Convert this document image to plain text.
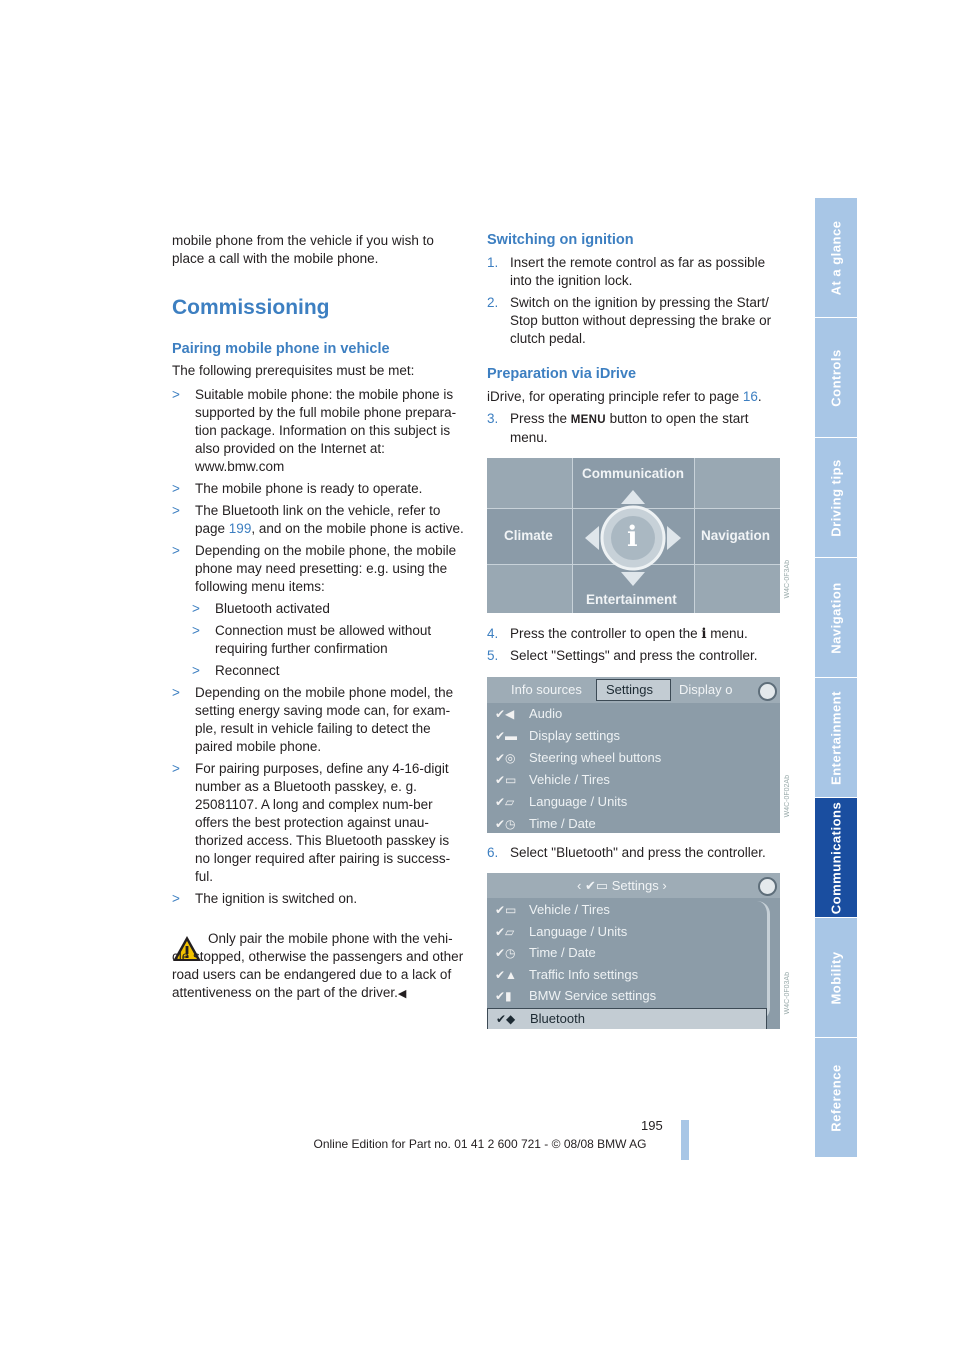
mobile phone from the vehicle if you wish to place a call with the mobile phone.

Commissioning
Pairing mobile phone in vehicle

The following prerequisites must be met:

> Suitable mobile phone: the mobile phone is supported by the full mobile phone prepara-tion package. Information on this subject is also provided on the Internet at: www.bmw.com
> The mobile phone is ready to operate.
> The Bluetooth link on the vehicle, refer to page 199, and on the mobile phone is active.
> Depending on the mobile phone, the mobile phone may need presetting: e.g. using the following menu items:
> Bluetooth activated
> Connection must be allowed without requiring further confirmation
> Reconnect
> Depending on the mobile phone model, the setting energy saving mode can, for exam-ple, result in vehicle failing to detect the paired mobile phone.
> For pairing purposes, define any 4-16-digit number as a Bluetooth passkey, e. g. 25081107. A long and complex num-ber offers the best protection against unau-thorized access. This Bluetooth passkey is no longer required after pairing is success-ful.
> The ignition is switched on.
Only pair the mobile phone with the vehi-cle stopped, otherwise the passengers and other road users can be endangered due to a lack of attentiveness on the part of the driver.◀
Switching on ignition
1. Insert the remote control as far as possible into the ignition lock.
2. Switch on the ignition by pressing the Start/ Stop button without depressing the brake or clutch pedal.
Preparation via iDrive

iDrive, for operating principle refer to page 16.

3. Press the MENU button to open the start menu.
Communication
Climate	Navigation
Entertainment
i
W4C-0F3Ab
4. Press the controller to open the i menu.
5. Select "Settings" and press the controller.
Info sources Settings Display o
✔◀ Audio
✔▬ Display settings
✔◎ Steering wheel buttons
✔▭ Vehicle / Tires
✔▱ Language / Units
✔◷ Time / Date
W4C-0F02Ab
6. Select "Bluetooth" and press the controller.
‹ ✔▭ Settings ›
✔▭ Vehicle / Tires
✔▱ Language / Units
✔◷ Time / Date
✔▲ Traffic Info settings
✔▮	BMW Service settings
✔◆ Bluetooth
W4C-0F03Ab
At a glance
Controls
Driving tips
Navigation
Entertainment
Communications
Mobility
Reference
195
Online Edition for Part no. 01 41 2 600 721 - © 08/08 BMW AG
